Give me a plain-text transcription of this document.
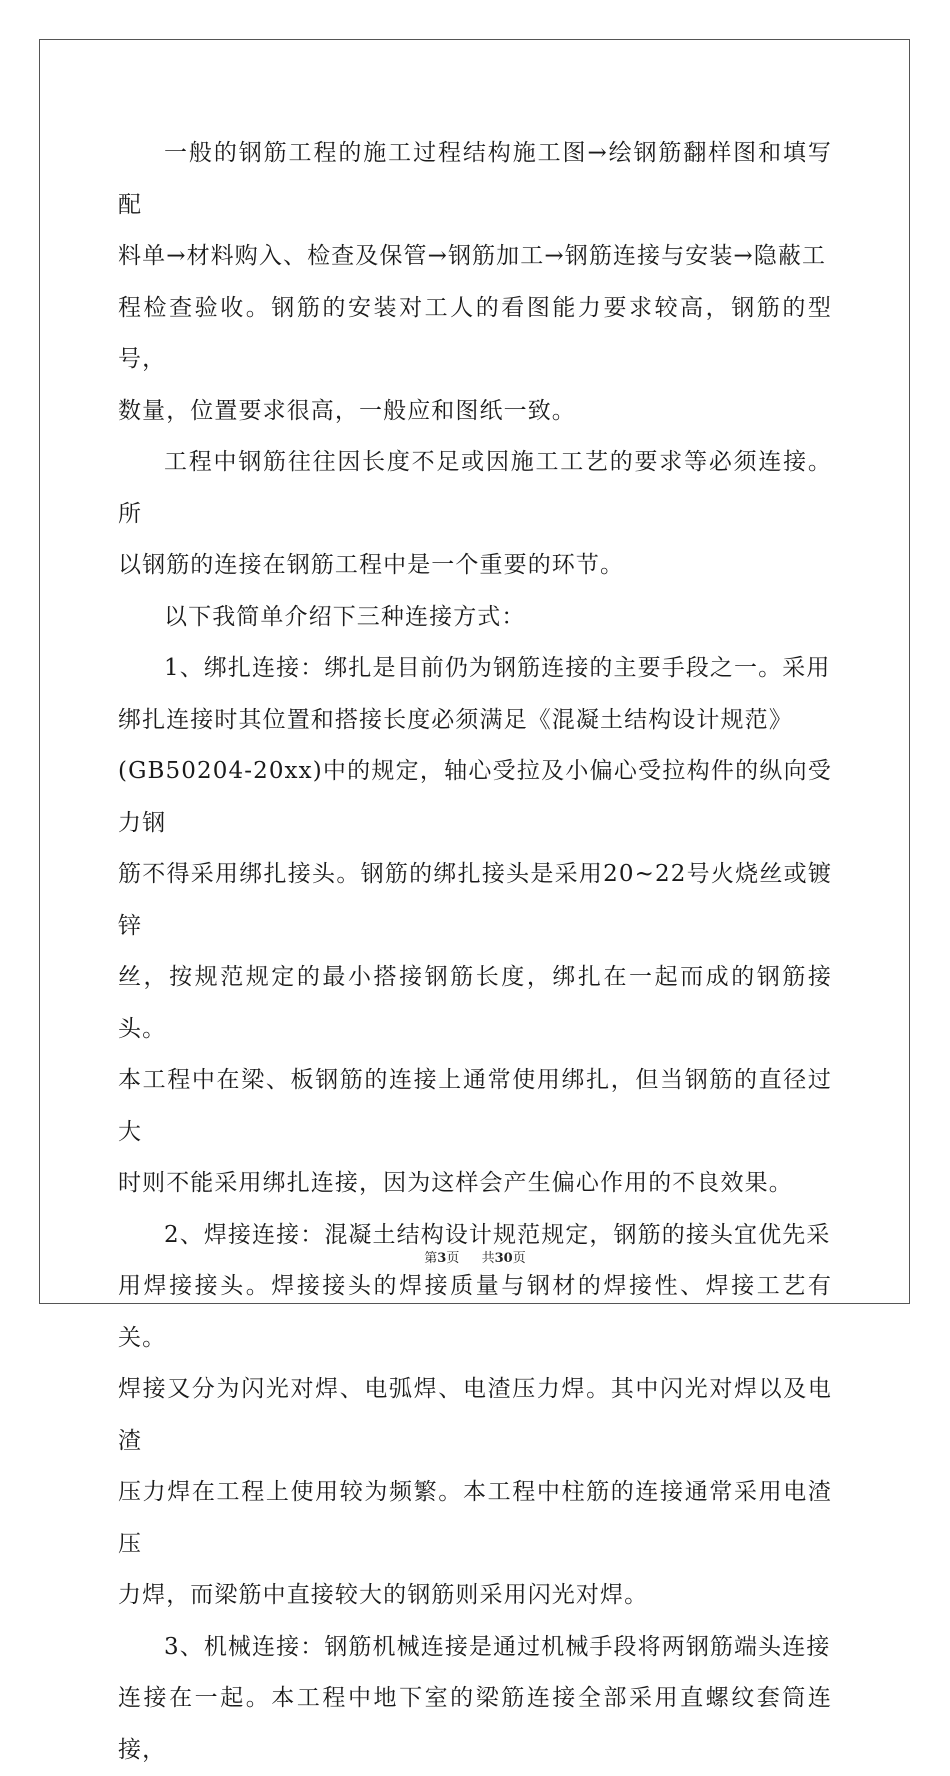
一般的钢筋工程的施工过程结构施工图→绘钢筋翻样图和填写配
料单→材料购入、检查及保管→钢筋加工→钢筋连接与安装→隐蔽工
程检查验收。钢筋的安装对工人的看图能力要求较高，钢筋的型号，
数量，位置要求很高，一般应和图纸一致。

工程中钢筋往往因长度不足或因施工工艺的要求等必须连接。所
以钢筋的连接在钢筋工程中是一个重要的环节。

以下我简单介绍下三种连接方式：

1、绑扎连接：绑扎是目前仍为钢筋连接的主要手段之一。采用
绑扎连接时其位置和搭接长度必须满足《混凝土结构设计规范》
(GB50204-20xx)中的规定，轴心受拉及小偏心受拉构件的纵向受力钢
筋不得采用绑扎接头。钢筋的绑扎接头是采用20~22号火烧丝或镀锌
丝，按规范规定的最小搭接钢筋长度，绑扎在一起而成的钢筋接头。
本工程中在梁、板钢筋的连接上通常使用绑扎，但当钢筋的直径过大
时则不能采用绑扎连接，因为这样会产生偏心作用的不良效果。

2、焊接连接：混凝土结构设计规范规定，钢筋的接头宜优先采
用焊接接头。焊接接头的焊接质量与钢材的焊接性、焊接工艺有关。
焊接又分为闪光对焊、电弧焊、电渣压力焊。其中闪光对焊以及电渣
压力焊在工程上使用较为频繁。本工程中柱筋的连接通常采用电渣压
力焊，而梁筋中直接较大的钢筋则采用闪光对焊。

3、机械连接：钢筋机械连接是通过机械手段将两钢筋端头连接
连接在一起。本工程中地下室的梁筋连接全部采用直螺纹套筒连接，

第3页 共30页
